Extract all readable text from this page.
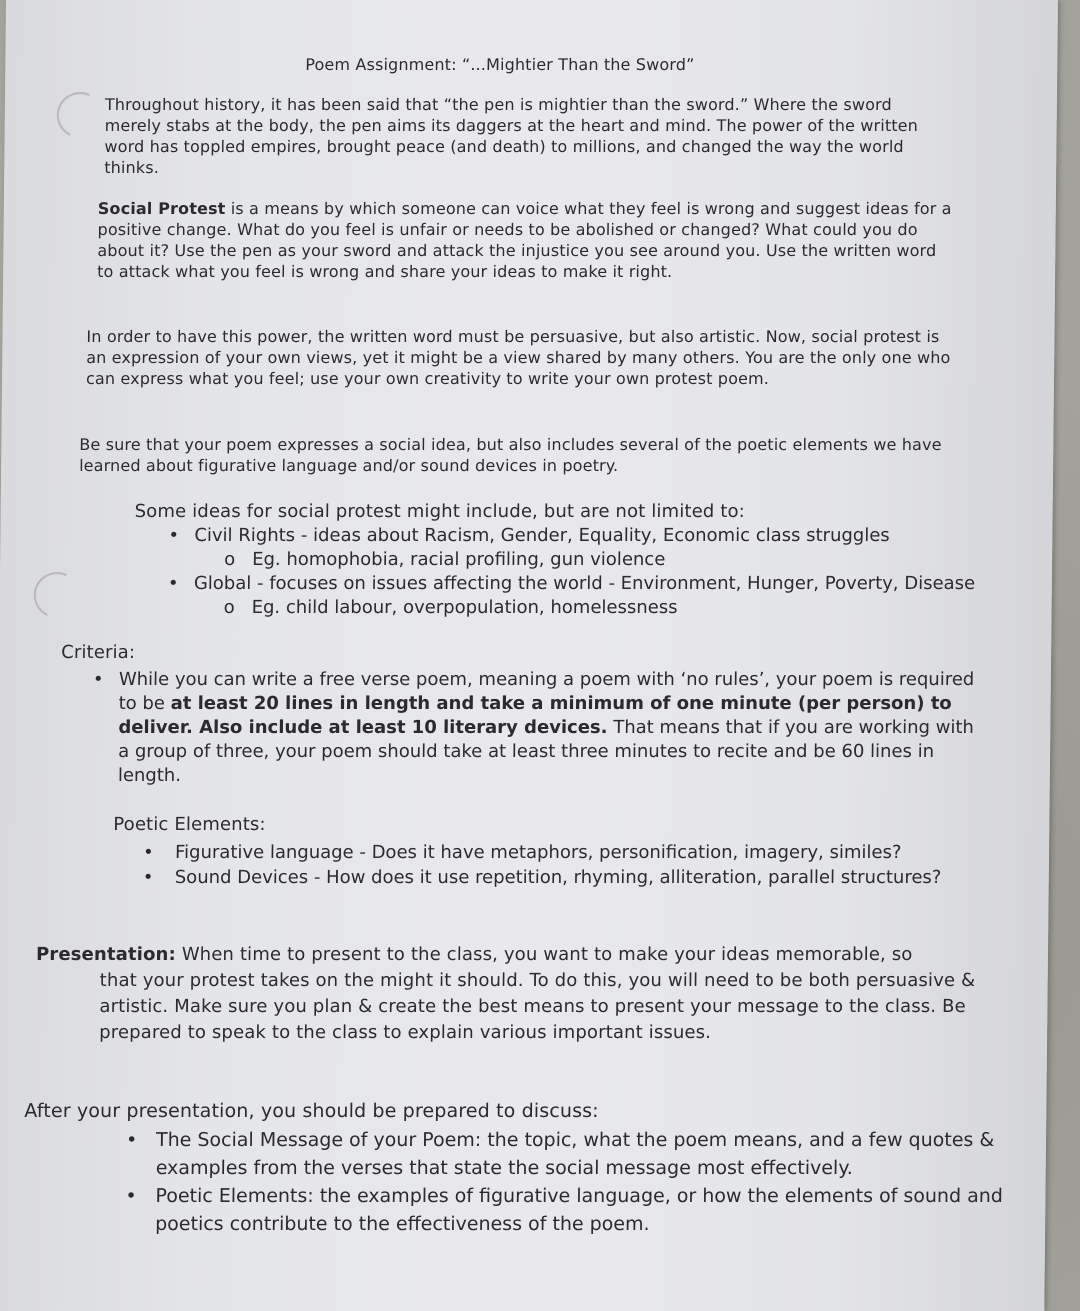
Poem Assignment: “...Mightier Than the Sword”

Throughout history, it has been said that “the pen is mightier than the sword.” Where the sword merely stabs at the body, the pen aims its daggers at the heart and mind. The power of the written word has toppled empires, brought peace (and death) to millions, and changed the way the world thinks.

Social Protest is a means by which someone can voice what they feel is wrong and suggest ideas for a positive change. What do you feel is unfair or needs to be abolished or changed? What could you do about it? Use the pen as your sword and attack the injustice you see around you. Use the written word to attack what you feel is wrong and share your ideas to make it right.

In order to have this power, the written word must be persuasive, but also artistic. Now, social protest is an expression of your own views, yet it might be a view shared by many others. You are the only one who can express what you feel; use your own creativity to write your own protest poem.

Be sure that your poem expresses a social idea, but also includes several of the poetic elements we have learned about figurative language and/or sound devices in poetry.

Some ideas for social protest might include, but are not limited to:
• Civil Rights - ideas about Racism, Gender, Equality, Economic class struggles
o Eg. homophobia, racial profiling, gun violence
• Global - focuses on issues affecting the world - Environment, Hunger, Poverty, Disease
o Eg. child labour, overpopulation, homelessness
Criteria:
• While you can write a free verse poem, meaning a poem with ‘no rules’, your poem is required to be at least 20 lines in length and take a minimum of one minute (per person) to deliver. Also include at least 10 literary devices. That means that if you are working with a group of three, your poem should take at least three minutes to recite and be 60 lines in length.
Poetic Elements:
• Figurative language - Does it have metaphors, personification, imagery, similes?
• Sound Devices - How does it use repetition, rhyming, alliteration, parallel structures?

Presentation: When time to present to the class, you want to make your ideas memorable, so
that your protest takes on the might it should. To do this, you will need to be both persuasive & artistic. Make sure you plan & create the best means to present your message to the class. Be prepared to speak to the class to explain various important issues.

After your presentation, you should be prepared to discuss:
• The Social Message of your Poem: the topic, what the poem means, and a few quotes & examples from the verses that state the social message most effectively.
• Poetic Elements: the examples of figurative language, or how the elements of sound and poetics contribute to the effectiveness of the poem.
